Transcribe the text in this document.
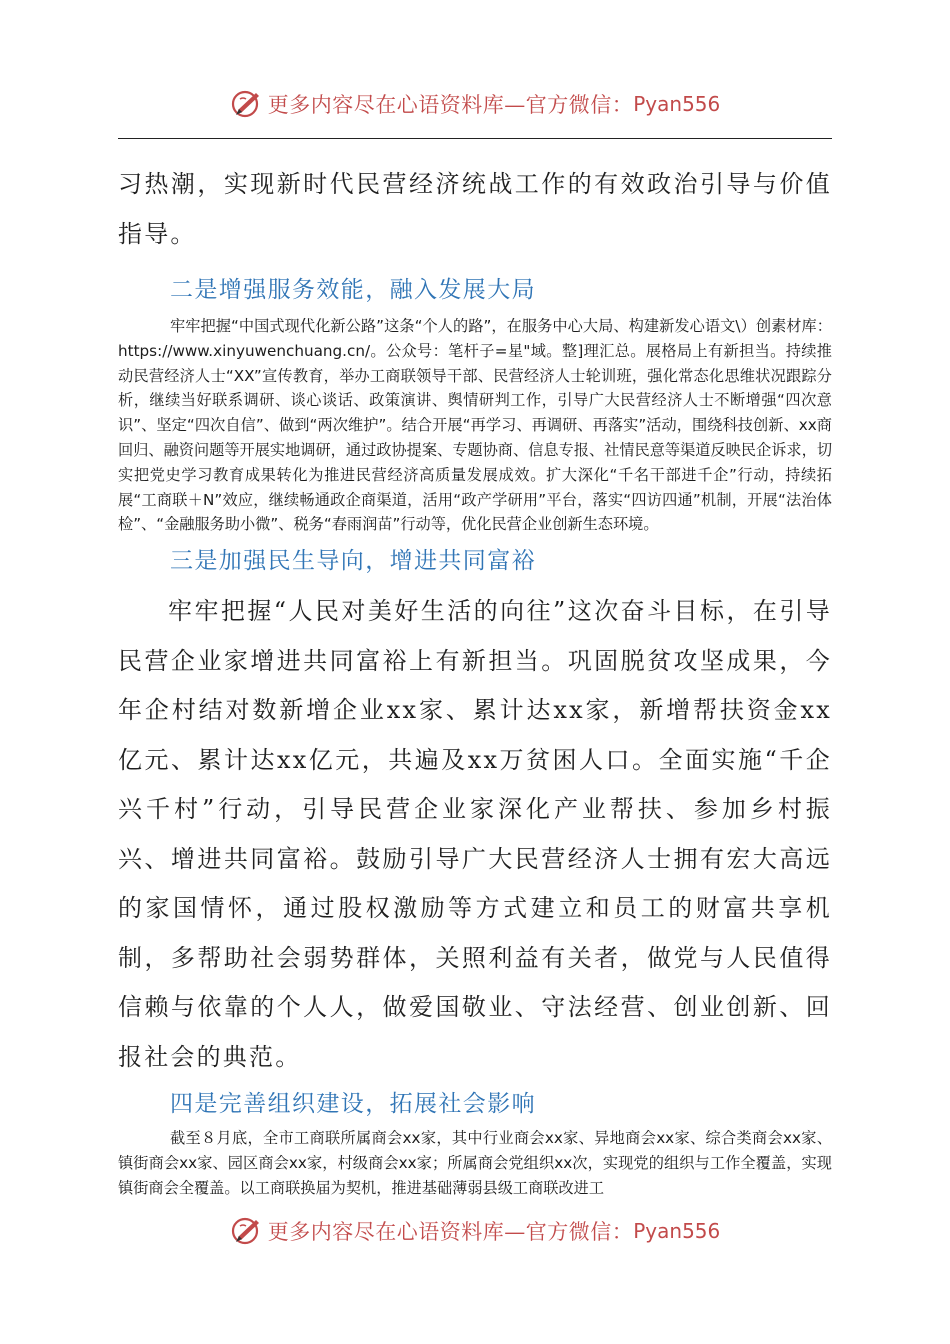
更多内容尽在心语资料库—官方微信： Pyan556

习热潮，实现新时代民营经济统战工作的有效政治引导与价值指导。

二是增强服务效能，融入发展大局

牢牢把握“中国式现代化新公路”这条“个人的路”，在服务中心大局、构建新发心语文\）创素材库：https://www.xinyuwenchuang.cn/。公众号：笔杆子=星"域。整]理汇总。展格局上有新担当。持续推动民营经济人士“XX”宣传教育，举办工商联领导干部、民营经济人士轮训班，强化常态化思维状况跟踪分析，继续当好联系调研、谈心谈话、政策演讲、舆情研判工作，引导广大民营经济人士不断增强“四次意识”、坚定“四次自信”、做到“两次维护”。结合开展“再学习、再调研、再落实”活动，围绕科技创新、xx商回归、融资问题等开展实地调研，通过政协提案、专题协商、信息专报、社情民意等渠道反映民企诉求，切实把党史学习教育成果转化为推进民营经济高质量发展成效。扩大深化“千名干部进千企”行动，持续拓展“工商联＋N”效应，继续畅通政企商渠道，活用“政产学研用”平台，落实“四访四通”机制，开展“法治体检”、“金融服务助小微”、税务“春雨润苗”行动等，优化民营企业创新生态环境。

三是加强民生导向，增进共同富裕

牢牢把握“人民对美好生活的向往”这次奋斗目标，在引导民营企业家增进共同富裕上有新担当。巩固脱贫攻坚成果，今年企村结对数新增企业xx家、累计达xx家，新增帮扶资金xx亿元、累计达xx亿元，共遍及xx万贫困人口。全面实施“千企兴千村”行动，引导民营企业家深化产业帮扶、参加乡村振兴、增进共同富裕。鼓励引导广大民营经济人士拥有宏大高远的家国情怀，通过股权激励等方式建立和员工的财富共享机制，多帮助社会弱势群体，关照利益有关者，做党与人民值得信赖与依靠的个人人，做爱国敬业、守法经营、创业创新、回报社会的典范。

四是完善组织建设，拓展社会影响

截至８月底，全市工商联所属商会xx家，其中行业商会xx家、异地商会xx家、综合类商会xx家、镇街商会xx家、园区商会xx家，村级商会xx家；所属商会党组织xx次，实现党的组织与工作全覆盖，实现镇街商会全覆盖。以工商联换届为契机，推进基础薄弱县级工商联改进工

更多内容尽在心语资料库—官方微信： Pyan556
